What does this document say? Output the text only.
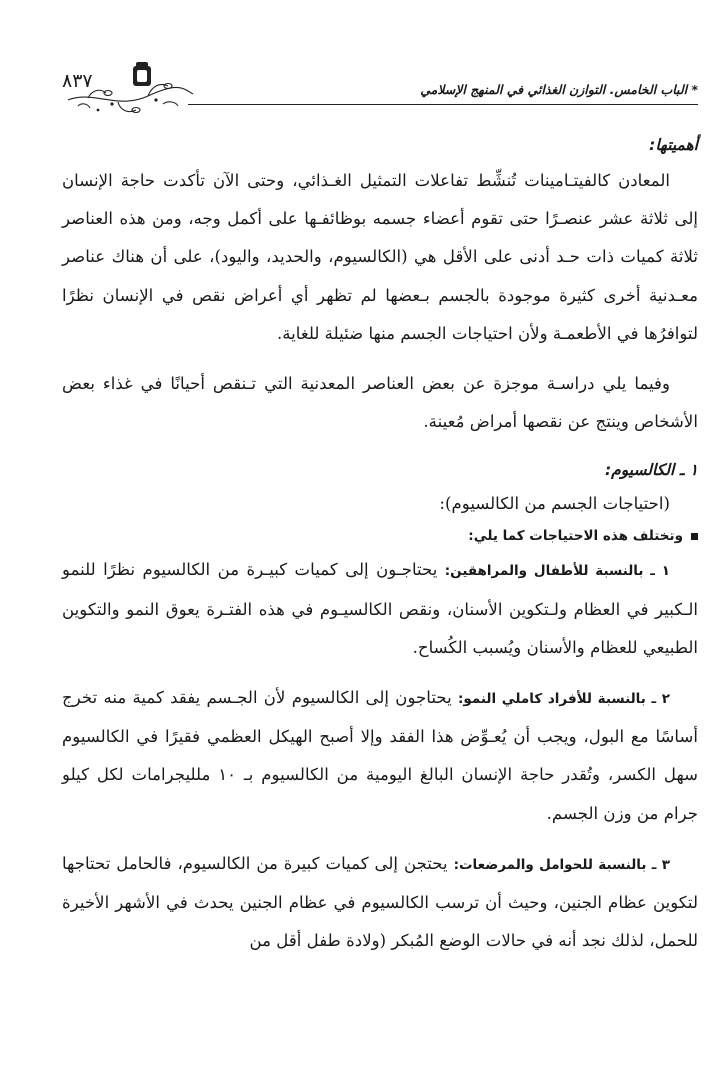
٨٣٧	* الباب الخامس. التوازن الغذائي في المنهج الإسلامي

أهميتها:

المعادن كالفيتـامينات تُنشِّط تفاعلات التمثيل الغـذائي، وحتى الآن تأكدت حاجة الإنسان إلى ثلاثة عشر عنصـرًا حتى تقوم أعضاء جسمه بوظائفـها على أكمل وجه، ومن هذه العناصر ثلاثة كميات ذات حـد أدنى على الأقل هي (الكالسيوم، والحديد، واليود)، على أن هناك عناصر معـدنية أخرى كثيرة موجودة بالجسم بـعضها لم تظهر أي أعراض نقص في الإنسان نظرًا لتوافرُها في الأطعمـة ولأن احتياجات الجسم منها ضئيلة للغاية.

وفيما يلي دراسـة موجزة عن بعض العناصر المعدنية التي تـنقص أحيانًا في غذاء بعض الأشخاص وينتج عن نقصها أمراض مُعينة.

١ ـ الكالسيوم:

(احتياجات الجسم من الكالسيوم):

وتختلف هذه الاحتياجات كما يلي:

١ ـ بالنسبة للأطفال والمراهقين: يحتاجـون إلى كميات كبيـرة من الكالسيوم نظرًا للنمو الـكبير في العظام ولـتكوين الأسنان، ونقص الكالسيـوم في هذه الفتـرة يعوق النمو والتكوين الطبيعي للعظام والأسنان ويُسبب الكُساح.

٢ ـ بالنسبة للأفراد كاملي النمو: يحتاجون إلى الكالسيوم لأن الجـسم يفقد كمية منه تخرج أساسًا مع البول، ويجب أن يُعـوِّض هذا الفقد وإلا أصبح الهيكل العظمي فقيرًا في الكالسيوم سهل الكسر، وتُقدر حاجة الإنسان البالغ اليومية من الكالسيوم بـ ١٠ ملليجرامات لكل كيلو جرام من وزن الجسم.

٣ ـ بالنسبة للحوامل والمرضعات: يحتجن إلى كميات كبيرة من الكالسيوم، فالحامل تحتاجها لتكوين عظام الجنين، وحيث أن ترسب الكالسيوم في عظام الجنين يحدث في الأشهر الأخيرة للحمل، لذلك نجد أنه في حالات الوضع المُبكر (ولادة طفل أقل من
